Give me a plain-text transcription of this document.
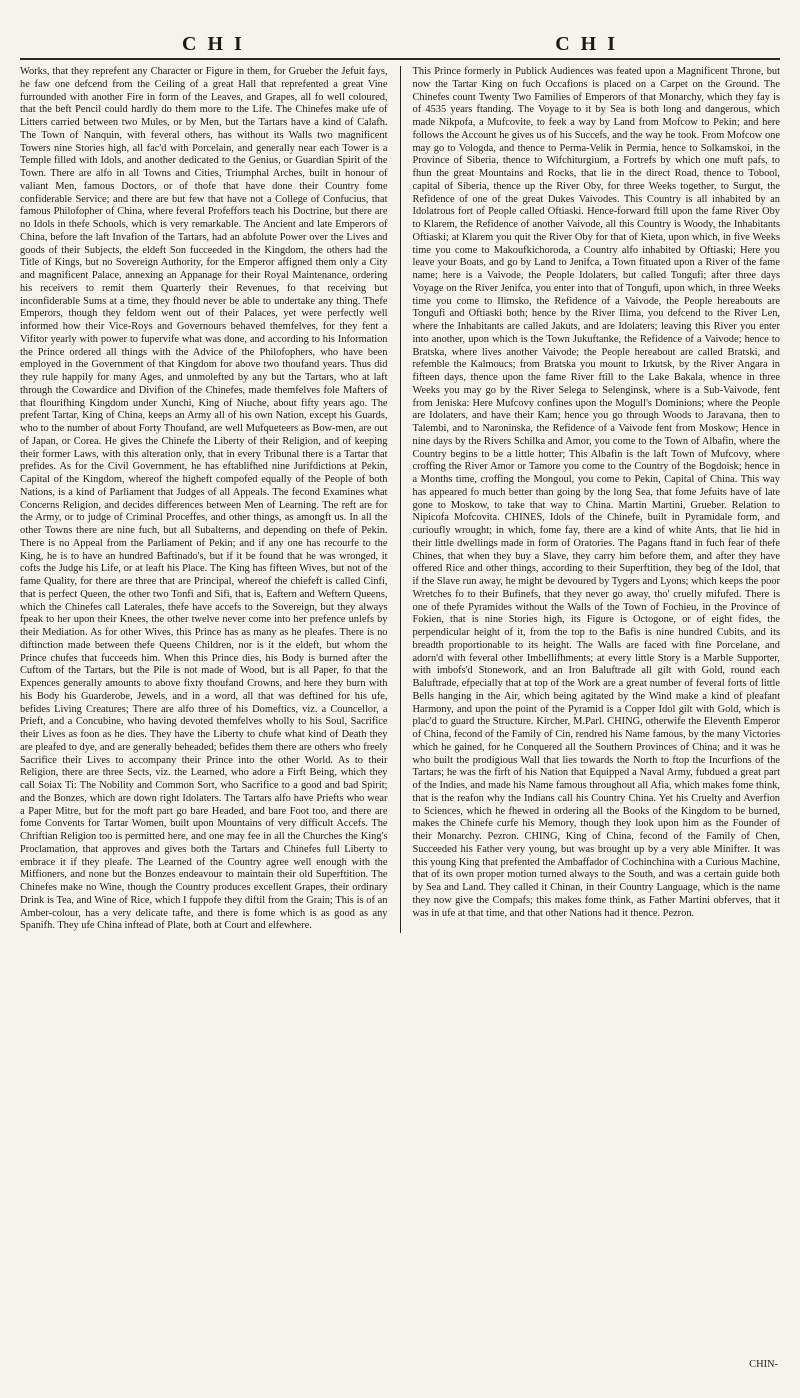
C H I	C H I

Works, that they reprefent any Character or Figure in them, for Grueber the Jefuit fays, he faw one defcend from the Ceiling of a great Hall that reprefented a great Vine furrounded with another Fire in form of the Leaves, and Grapes, all fo well coloured, that the beft Pencil could hardly do them more to the Life. The Chinefes make ufe of Litters carried between two Mules, or by Men, but the Tartars have a kind of Calafh. The Town of Nanquin, with feveral others, has without its Walls two magnificent Towers nine Stories high, all fac'd with Porcelain, and generally near each Tower is a Temple filled with Idols, and another dedicated to the Genius, or Guardian Spirit of the Town. There are alfo in all Towns and Cities, Triumphal Arches, built in honour of valiant Men, famous Doctors, or of thofe that have done their Country fome confiderable Service; and there are but few that have not a College of Confucius, that famous Philofopher of China, where feveral Profeffors teach his Doctrine, but there are no Idols in thefe Schools, which is very remarkable. The Ancient and late Emperors of China, before the laft Invafion of the Tartars, had an abfolute Power over the Lives and goods of their Subjects, the eldeft Son fucceeded in the Kingdom, the others had the Title of Kings, but no Sovereign Authority, for the Emperor affigned them only a City and magnificent Palace, annexing an Appanage for their Royal Maintenance, ordering his receivers to remit them Quarterly their Revenues, fo that receiving but inconfiderable Sums at a time, they fhould never be able to undertake any thing. Thefe Emperors, though they feldom went out of their Palaces, yet were perfectly well informed how their Vice-Roys and Governours behaved themfelves, for they fent a Vifitor yearly with power to fupervife what was done, and according to his Information the Prince ordered all things with the Advice of the Philofophers, who have been employed in the Government of that Kingdom for above two thoufand years. Thus did they rule happily for many Ages, and unmolefted by any but the Tartars, who at laft through the Cowardice and Divifion of the Chinefes, made themfelves fole Mafters of that flourifhing Kingdom under Xunchi, King of Niuche, about fifty years ago. The prefent Tartar, King of China, keeps an Army all of his own Nation, except his Guards, who to the number of about Forty Thoufand, are well Mufqueteers as Bow-men, are out of Japan, or Corea. He gives the Chinefe the Liberty of their Religion, and of keeping their former Laws, with this alteration only, that in every Tribunal there is a Tartar that prefides. As for the Civil Government, he has eftablifhed nine Jurifdictions at Pekin, Capital of the Kingdom, whereof the higheft compofed equally of the People of both Nations, is a kind of Parliament that Judges of all Appeals. The fecond Examines what Concerns Religion, and decides differences between Men of Learning. The reft are for the Army, or to judge of Criminal Proceffes, and other things, as amongft us. In all the other Towns there are nine fuch, but all Subalterns, and depending on thefe of Pekin. There is no Appeal from the Parliament of Pekin; and if any one has recourfe to the King, he is to have an hundred Baftinado's, but if it be found that he was wronged, it cofts the Judge his Life, or at leaft his Place. The King has fifteen Wives, but not of the fame Quality, for there are three that are Principal, whereof the chiefeft is called Cinfi, that is perfect Queen, the other two Tonfi and Sifi, that is, Eaftern and Weftern Queens, which the Chinefes call Laterales, thefe have accefs to the Sovereign, but they always fpeak to her upon their Knees, the other twelve never come into her prefence unlefs by their Mediation. As for other Wives, this Prince has as many as he pleafes. There is no diftinction made between thefe Queens Children, nor is it the eldeft, but whom the Prince chufes that fucceeds him. When this Prince dies, his Body is burned after the Cuftom of the Tartars, but the Pile is not made of Wood, but is all Paper, fo that the Expences generally amounts to above fixty thoufand Crowns, and here they burn with his Body his Guarderobe, Jewels, and in a word, all that was deftined for his ufe, befides Living Creatures; There are alfo three of his Domeftics, viz. a Councellor, a Prieft, and a Concubine, who having devoted themfelves wholly to his Soul, Sacrifice their Lives as foon as he dies. They have the Liberty to chufe what kind of Death they are pleafed to dye, and are generally beheaded; befides them there are others who freely Sacrifice their Lives to accompany their Prince into the other World. As to their Religion, there are three Sects, viz. the Learned, who adore a Firft Being, which they call Soiax Ti: The Nobility and Common Sort, who Sacrifice to a good and bad Spirit; and the Bonzes, which are down right Idolaters. The Tartars alfo have Priefts who wear a Paper Mitre, but for the moft part go bare Headed, and bare Foot too, and there are fome Convents for Tartar Women, built upon Mountains of very difficult Accefs. The Chriftian Religion too is permitted here, and one may fee in all the Churches the King's Proclamation, that approves and gives both the Tartars and Chinefes full Liberty to embrace it if they pleafe. The Learned of the Country agree well enough with the Miffioners, and none but the Bonzes endeavour to maintain their old Superftition. The Chinefes make no Wine, though the Country produces excellent Grapes, their ordinary Drink is Tea, and Wine of Rice, which I fuppofe they diftil from the Grain; This is of an Amber-colour, has a very delicate tafte, and there is fome which is as good as any Spanifh. They ufe China inftead of Plate, both at Court and elfewhere.

This Prince formerly in Publick Audiences was feated upon a Magnificent Throne, but now the Tartar King on fuch Occafions is placed on a Carpet on the Ground. The Chinefes count Twenty Two Families of Emperors of that Monarchy, which they fay is of 4535 years ftanding. The Voyage to it by Sea is both long and dangerous, which made Nikpofa, a Mufcovite, to feek a way by Land from Mofcow to Pekin; and here follows the Account he gives us of his Succefs, and the way he took. From Mofcow one may go to Vologda, and thence to Perma-Velik in Permia, hence to Solkamskoi, in the Province of Siberia, thence to Wifchiturgium, a Fortrefs by which one muft pafs, to fhun the great Mountains and Rocks, that lie in the direct Road, thence to Tobool, capital of Siberia, thence up the River Oby, for three Weeks together, to Surgut, the Refidence of one of the great Dukes Vaivodes. This Country is all inhabited by an Idolatrous fort of People called Oftiaski. Hence-forward ftill upon the fame River Oby to Klarem, the Refidence of another Vaivode, all this Country is Woody, the Inhabitants Oftiaski; at Klarem you quit the River Oby for that of Kieta, upon which, in five Weeks time you come to Makoufkichoroda, a Country alfo inhabited by Oftiaski; Here you leave your Boats, and go by Land to Jenifca, a Town fituated upon a River of the fame name; here is a Vaivode, the People Idolaters, but called Tongufi; after three days Voyage on the River Jenifca, you enter into that of Tongufi, upon which, in three Weeks time you come to Ilimsko, the Refidence of a Vaivode, the People hereabouts are Tongufi and Oftiaski both; hence by the River Ilima, you defcend to the River Len, where the Inhabitants are called Jakuts, and are Idolaters; leaving this River you enter into another, upon which is the Town Jukuftanke, the Refidence of a Vaivode; hence to Bratska, where lives another Vaivode; the People hereabout are called Bratski, and refemble the Kalmoucs; from Bratska you mount to Irkutsk, by the River Angara in fifteen days, thence upon the fame River ftill to the Lake Bakala, whence in three Weeks you may go by the River Selega to Selenginsk, where is a Sub-Vaivode, fent from Jeniska: Here Mufcovy confines upon the Mogull's Dominions; where the People are Idolaters, and have their Kam; hence you go through Woods to Jaravana, then to Talembi, and to Naroninska, the Refidence of a Vaivode fent from Moskow; Hence in nine days by the Rivers Schilka and Amor, you come to the Town of Albafin, where the Country begins to be a little hotter; This Albafin is the laft Town of Mufcovy, where croffing the River Amor or Tamore you come to the Country of the Bogdoisk; hence in a Months time, croffing the Mongoul, you come to Pekin, Capital of China. This way has appeared fo much better than going by the long Sea, that fome Jefuits have of late gone to Moskow, to take that way to China. Martin Martini, Grueber. Relation to Nipicofa Mofcovita. CHINES, Idols of the Chinefe, built in Pyramidale form, and curioufly wrought; in which, fome fay, there are a kind of white Ants, that lie hid in their little dwellings made in form of Oratories. The Pagans ftand in fuch fear of thefe Chines, that when they buy a Slave, they carry him before them, and after they have offered Rice and other things, according to their Superftition, they beg of the Idol, that if the Slave run away, he might be devoured by Tygers and Lyons; which keeps the poor Wretches fo to their Bufinefs, that they never go away, tho' cruelly mifufed. There is one of thefe Pyramides without the Walls of the Town of Fochieu, in the Province of Fokien, that is nine Stories high, its Figure is Octogone, or of eight fides, the perpendicular height of it, from the top to the Bafis is nine hundred Cubits, and its breadth proportionable to its height. The Walls are faced with fine Porcelane, and adorn'd with feveral other Imbellifhments; at every little Story is a Marble Supporter, with imbofs'd Stonework, and an Iron Baluftrade all gilt with Gold, round each Baluftrade, efpecially that at top of the Work are a great number of feveral forts of little Bells hanging in the Air, which being agitated by the Wind make a kind of pleafant Harmony, and upon the point of the Pyramid is a Copper Idol gilt with Gold, which is plac'd to guard the Structure. Kircher, M.Parl. CHING, otherwife the Eleventh Emperor of China, fecond of the Family of Cin, rendred his Name famous, by the many Victories which he gained, for he Conquered all the Southern Provinces of China; and it was he who built the prodigious Wall that lies towards the North to ftop the Incurfions of the Tartars; he was the firft of his Nation that Equipped a Naval Army, fubdued a great part of the Indies, and made his Name famous throughout all Afia, which makes fome think, that is the reafon why the Indians call his Country China. Yet his Cruelty and Averfion to Sciences, which he fhewed in ordering all the Books of the Kingdom to be burned, makes the Chinefe curfe his Memory, though they look upon him as the Founder of their Monarchy. Pezron. CHING, King of China, fecond of the Family of Chen, Succeeded his Father very young, but was brought up by a very able Minifter. It was this young King that prefented the Ambaffador of Cochinchina with a Curious Machine, that of its own proper motion turned always to the South, and was a certain guide both by Sea and Land. They called it Chinan, in their Country Language, which is the name they now give the Compafs; this makes fome think, as Father Martini obferves, that it was in ufe at that time, and that other Nations had it thence. Pezron.

CHIN-
